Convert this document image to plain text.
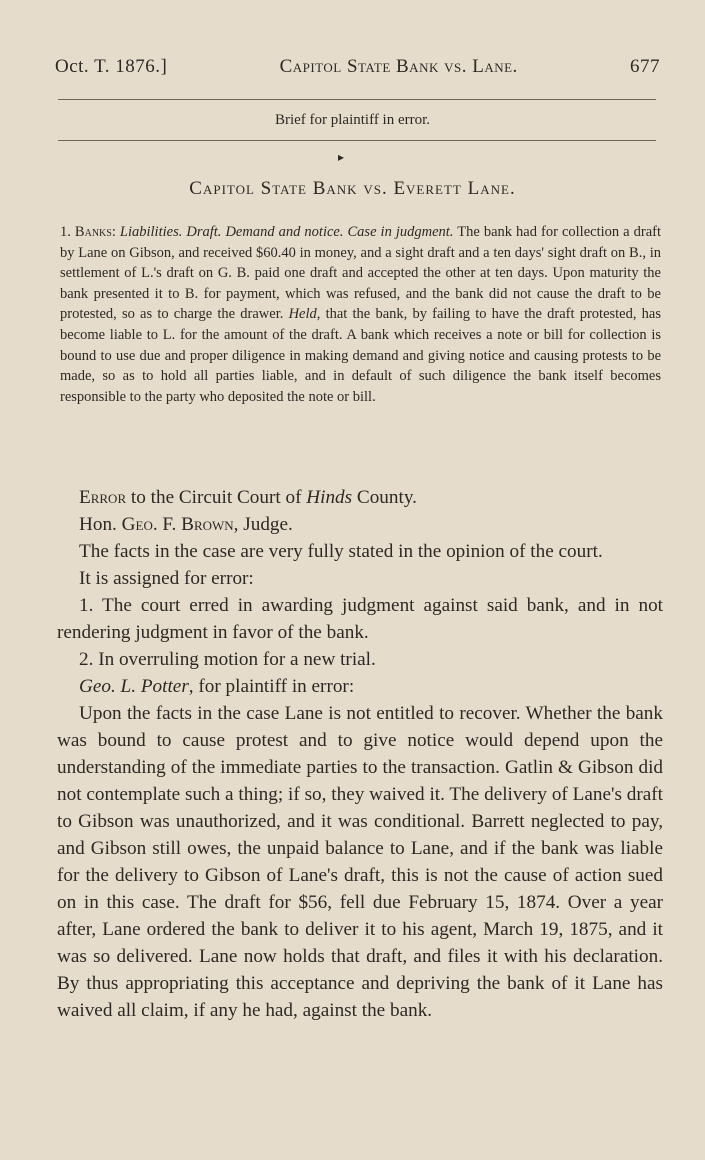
Oct. T. 1876.]	Capitol State Bank vs. Lane.	677
Brief for plaintiff in error.
▸
Capitol State Bank vs. Everett Lane.

1. Banks: Liabilities. Draft. Demand and notice. Case in judgment. The bank had for collection a draft by Lane on Gibson, and received $60.40 in money, and a sight draft and a ten days' sight draft on B., in settlement of L.'s draft on G. B. paid one draft and accepted the other at ten days. Upon maturity the bank presented it to B. for payment, which was refused, and the bank did not cause the draft to be protested, so as to charge the drawer. Held, that the bank, by failing to have the draft protested, has become liable to L. for the amount of the draft. A bank which receives a note or bill for collection is bound to use due and proper diligence in making demand and giving notice and causing protests to be made, so as to hold all parties liable, and in default of such diligence the bank itself becomes responsible to the party who deposited the note or bill.

Error to the Circuit Court of Hinds County.

Hon. Geo. F. Brown, Judge.

The facts in the case are very fully stated in the opinion of the court.

It is assigned for error:

1. The court erred in awarding judgment against said bank, and in not rendering judgment in favor of the bank.

2. In overruling motion for a new trial.

Geo. L. Potter, for plaintiff in error:

Upon the facts in the case Lane is not entitled to recover. Whether the bank was bound to cause protest and to give notice would depend upon the understanding of the immediate parties to the transaction. Gatlin & Gibson did not contemplate such a thing; if so, they waived it. The delivery of Lane's draft to Gibson was unauthorized, and it was conditional. Barrett neglected to pay, and Gibson still owes, the unpaid balance to Lane, and if the bank was liable for the delivery to Gibson of Lane's draft, this is not the cause of action sued on in this case. The draft for $56, fell due February 15, 1874. Over a year after, Lane ordered the bank to deliver it to his agent, March 19, 1875, and it was so delivered. Lane now holds that draft, and files it with his declaration. By thus appropriating this acceptance and depriving the bank of it Lane has waived all claim, if any he had, against the bank.
